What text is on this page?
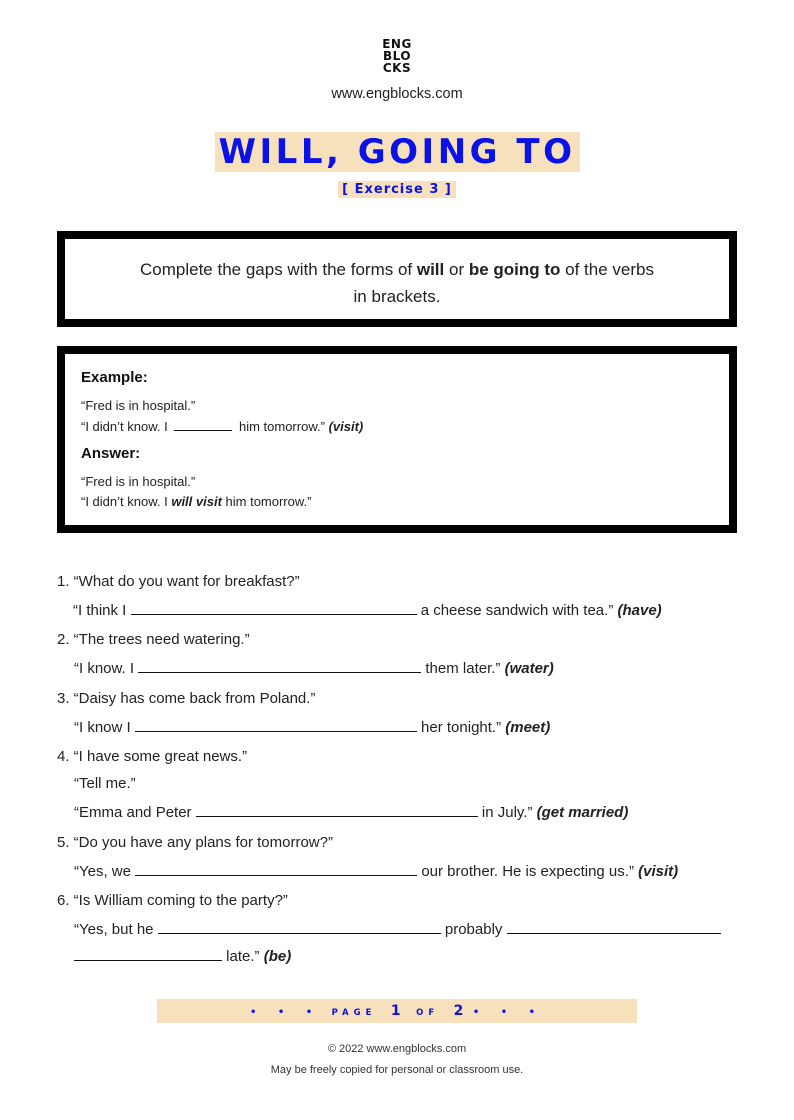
ENG
BLO
CKS
www.engblocks.com
WILL, GOING TO
[ Exercise 3 ]

Complete the gaps with the forms of will or be going to of the verbs in brackets.

Example:
“Fred is in hospital.”
“I didn’t know. I	him tomorrow.” (visit)
Answer:
“Fred is in hospital.”
“I didn’t know. I will visit him tomorrow.”
1. “What do you want for breakfast?”
“I think I	a cheese sandwich with tea.” (have)
2. “The trees need watering.”
“I know. I	them later.” (water)
3. “Daisy has come back from Poland.”
“I know I	her tonight.” (meet)
4. “I have some great news.”
“Tell me.”
“Emma and Peter	in July.” (get married)
5. “Do you have any plans for tomorrow?”
“Yes, we	our brother. He is expecting us.” (visit)
6. “Is William coming to the party?”
“Yes, but he	probably
late.” (be)
• • • PAGE 1 OF 2 • • •
© 2022 www.engblocks.com
May be freely copied for personal or classroom use.
